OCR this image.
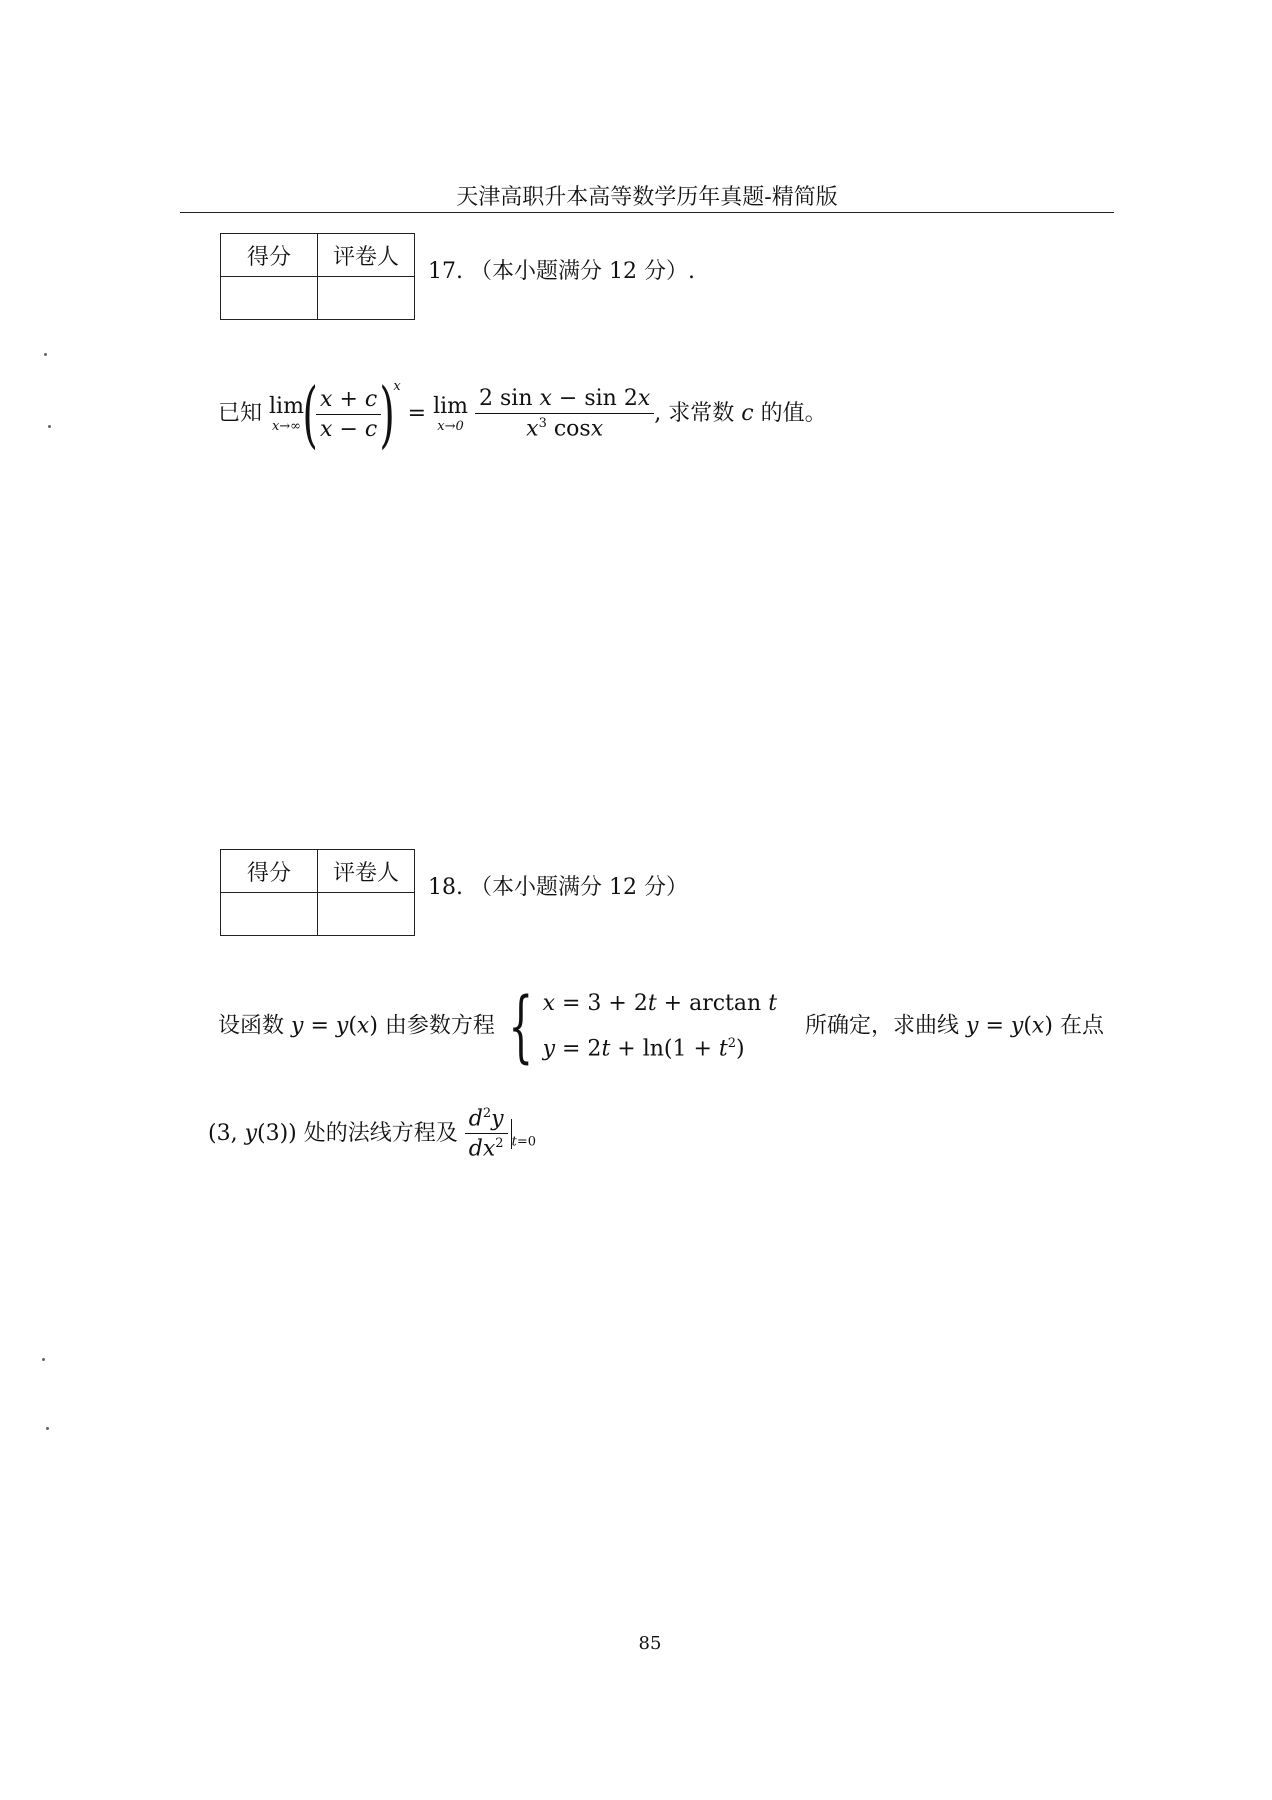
天津高职升本高等数学历年真题-精简版
得分	评卷人

17. （本小题满分 12 分）.
已知 lim
x→∞ (
$\frac{x + c}{x - c}$
)$^x$ = lim
x→0
$\frac{\text{2 sin x − sin 2x}}{x^3 \cos x}$ , 求常数 c 的值。
得分	评卷人

18. （本小题满分 12 分）
设函数 y = y(x) 由参数方程 { x = 3 + 2t + arctan t
$y = 2t + \ln(1 + t^2)$
所确定，求曲线 y = y(x) 在点
(3, y(3)) 处的法线方程及 $\frac{d^2y}{dx^2} _{t=0}$
85
